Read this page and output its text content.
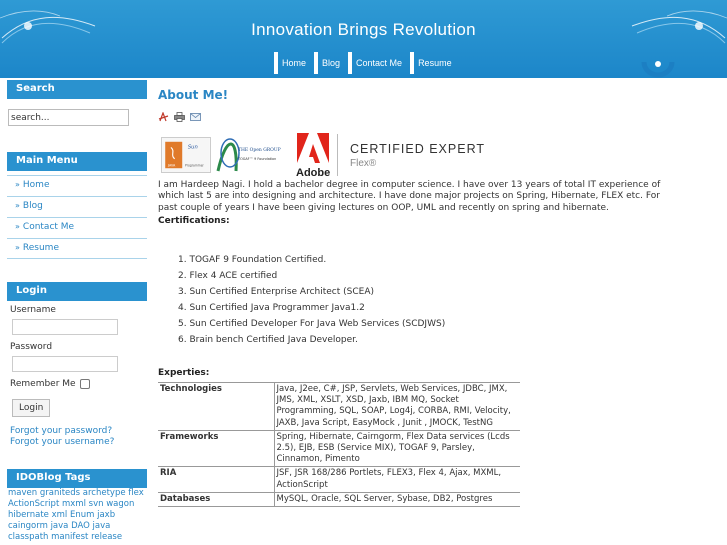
Innovation Brings Revolution
Home	Blog	Contact Me	Resume
Search
search...
Main Menu
» Home
» Blog
» Contact Me
» Resume
Login
Username
Password
Remember Me
Login
Forgot your password?
Forgot your username?
IDOBlog Tags
maven graniteds archetype flex ActionScript mxml svn wagon hibernate xml Enum jaxb caingorm java DAO java classpath manifest release
About Me!
Sun
JAVA	Programmer
THE Open GROUP
TOGAF™ 9 Foundation
Adobe
CERTIFIED EXPERT
Flex®

I am Hardeep Nagi. I hold a bachelor degree in computer science. I have over 13 years of total IT experience of which last 5 are into designing and architecture. I have done major projects on Spring, Hibernate, FLEX etc. For past couple of years I have been giving lectures on OOP, UML and recently on spring and hibernate.

Certifications:
1. TOGAF 9 Foundation Certified.
2. Flex 4 ACE certified
3. Sun Certified Enterprise Architect (SCEA)
4. Sun Certified Java Programmer Java1.2
5. Sun Certified Developer For Java Web Services (SCDJWS)
6. Brain bench Certified Java Developer.
Experties:
Technologies	Java, J2ee, C#, JSP, Servlets, Web Services, JDBC, JMX, JMS, XML, XSLT, XSD, Jaxb, IBM MQ, Socket Programming, SQL, SOAP, Log4j, CORBA, RMI, Velocity, JAXB, Java Script, EasyMock , Junit , JMOCK, TestNG
Frameworks	Spring, Hibernate, Cairngorm, Flex Data services (Lcds 2.5), EJB, ESB (Service MIX), TOGAF 9, Parsley, Cinnamon, Pimento
RIA	JSF, JSR 168/286 Portlets, FLEX3, Flex 4, Ajax, MXML, ActionScript
Databases	MySQL, Oracle, SQL Server, Sybase, DB2, Postgres
